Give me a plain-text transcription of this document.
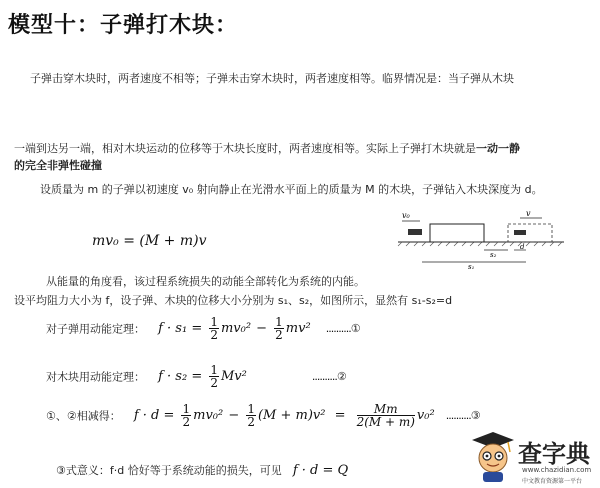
模型十：子弹打木块：
子弹击穿木块时，两者速度不相等；子弹未击穿木块时，两者速度相等。临界情况是：当子弹从木块
一端到达另一端，相对木块运动的位移等于木块长度时，两者速度相等。实际上子弹打木块就是一动一静
的完全非弹性碰撞
设质量为 m 的子弹以初速度 v₀ 射向静止在光滑水平面上的质量为 M 的木块，子弹钻入木块深度为 d。
mv₀ = (M + m)v
v₀	v
s₂
d
s₁
从能量的角度看，该过程系统损失的动能全部转化为系统的内能。
设平均阻力大小为 f，设子弹、木块的位移大小分别为 s₁、s₂，如图所示，显然有 s₁-s₂=d
对子弹用动能定理： $f \cdot s_1 = \frac{1}{2} mv_0^2 - \frac{1}{2} mv^2$ ..........①
对木块用动能定理： $f \cdot s_2 = \frac{1}{2} Mv^2$	..........②
①、②相减得： $f \cdot d = \frac{1}{2} mv_0^2 - \frac{1}{2} (M + m)v^2 = \frac{Mm}{2(M + m)} v_0^2$ ..........③
③式意义：f·d 恰好等于系统动能的损失，可见 f · d = Q
查字典
www.chazidian.com
中文教育资源第一平台
